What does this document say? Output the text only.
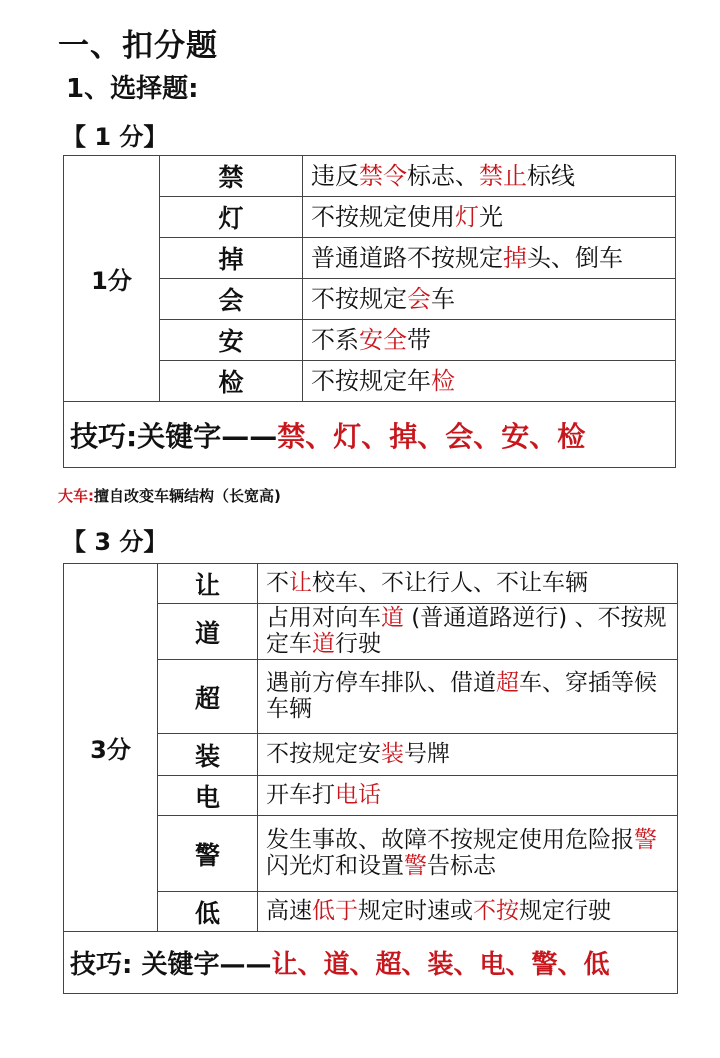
一、扣分题
1、选择题:
【 1 分】
1分	禁	违反禁令标志、禁止标线
	灯	不按规定使用灯光
	掉	普通道路不按规定掉头、倒车
	会	不按规定会车
	安	不系安全带
	检	不按规定年检
技巧:关键字——禁、灯、掉、会、安、检		
大车:擅自改变车辆结构（长宽高)
【 3 分】
3分	让	不让校车、不让行人、不让车辆
	道	占用对向车道 (普通道路逆行) 、不按规定车道行驶
	超	遇前方停车排队、借道超车、穿插等候车辆
	装	不按规定安装号牌
	电	开车打电话
	警	发生事故、故障不按规定使用危险报警闪光灯和设置警告标志
	低	高速低于规定时速或不按规定行驶
技巧: 关键字——让、道、超、装、电、警、低		
